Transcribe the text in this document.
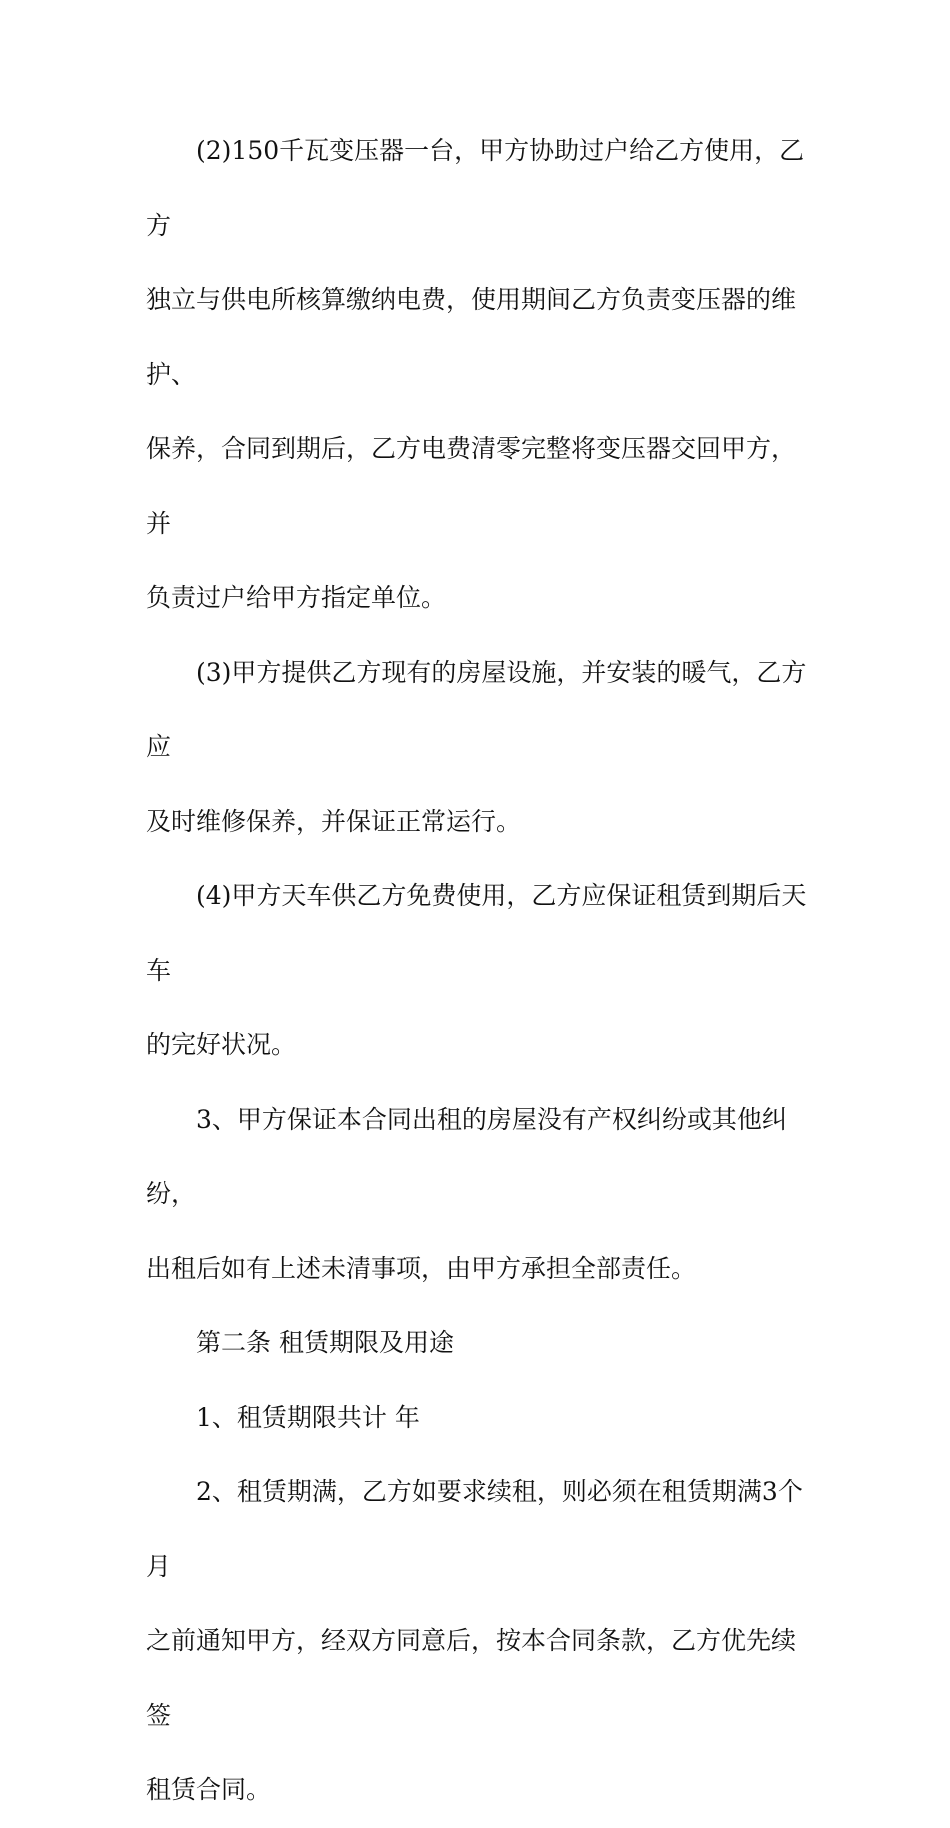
(2)150千瓦变压器一台，甲方协助过户给乙方使用，乙方
独立与供电所核算缴纳电费，使用期间乙方负责变压器的维护、
保养，合同到期后，乙方电费清零完整将变压器交回甲方，并
负责过户给甲方指定单位。
(3)甲方提供乙方现有的房屋设施，并安装的暖气，乙方应
及时维修保养，并保证正常运行。
(4)甲方天车供乙方免费使用，乙方应保证租赁到期后天车
的完好状况。
3、甲方保证本合同出租的房屋没有产权纠纷或其他纠纷，
出租后如有上述未清事项，由甲方承担全部责任。
第二条 租赁期限及用途
1、租赁期限共计 年
2、租赁期满，乙方如要求续租，则必须在租赁期满3个月
之前通知甲方，经双方同意后，按本合同条款，乙方优先续签
租赁合同。
